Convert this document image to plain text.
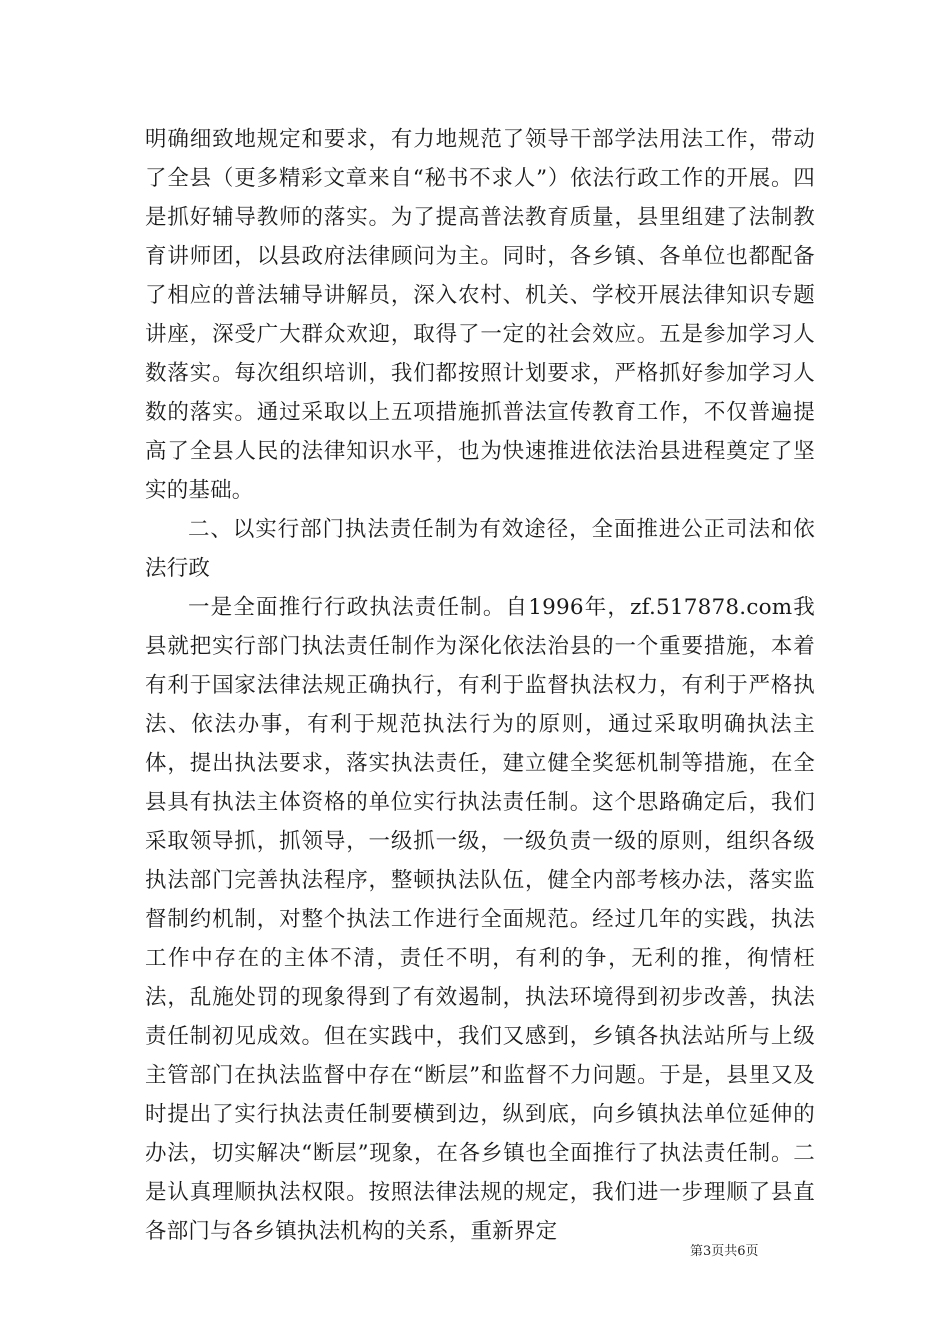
明确细致地规定和要求，有力地规范了领导干部学法用法工作，带动了全县（更多精彩文章来自“秘书不求人”）依法行政工作的开展。四是抓好辅导教师的落实。为了提高普法教育质量，县里组建了法制教育讲师团，以县政府法律顾问为主。同时，各乡镇、各单位也都配备了相应的普法辅导讲解员，深入农村、机关、学校开展法律知识专题讲座，深受广大群众欢迎，取得了一定的社会效应。五是参加学习人数落实。每次组织培训，我们都按照计划要求，严格抓好参加学习人数的落实。通过采取以上五项措施抓普法宣传教育工作，不仅普遍提高了全县人民的法律知识水平，也为快速推进依法治县进程奠定了坚实的基础。

二、以实行部门执法责任制为有效途径，全面推进公正司法和依法行政

一是全面推行行政执法责任制。自1996年，zf.517878.com我县就把实行部门执法责任制作为深化依法治县的一个重要措施，本着有利于国家法律法规正确执行，有利于监督执法权力，有利于严格执法、依法办事，有利于规范执法行为的原则，通过采取明确执法主体，提出执法要求，落实执法责任，建立健全奖惩机制等措施，在全县具有执法主体资格的单位实行执法责任制。这个思路确定后，我们采取领导抓，抓领导，一级抓一级，一级负责一级的原则，组织各级执法部门完善执法程序，整顿执法队伍，健全内部考核办法，落实监督制约机制，对整个执法工作进行全面规范。经过几年的实践，执法工作中存在的主体不清，责任不明，有利的争，无利的推，徇情枉法，乱施处罚的现象得到了有效遏制，执法环境得到初步改善，执法责任制初见成效。但在实践中，我们又感到，乡镇各执法站所与上级主管部门在执法监督中存在“断层”和监督不力问题。于是，县里又及时提出了实行执法责任制要横到边，纵到底，向乡镇执法单位延伸的办法，切实解决“断层”现象，在各乡镇也全面推行了执法责任制。二是认真理顺执法权限。按照法律法规的规定，我们进一步理顺了县直各部门与各乡镇执法机构的关系，重新界定

第3页共6页
